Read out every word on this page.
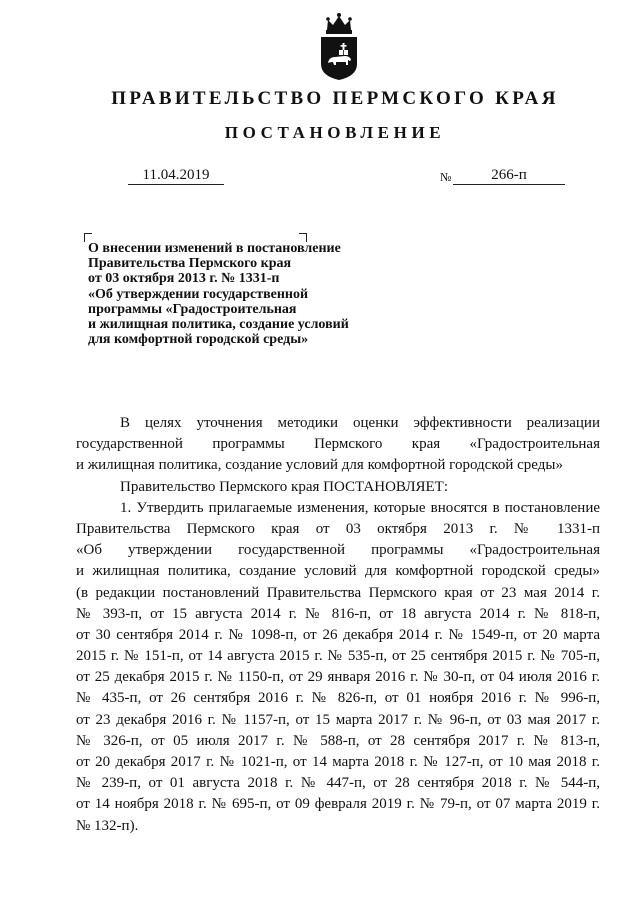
ПРАВИТЕЛЬСТВО ПЕРМСКОГО КРАЯ
ПОСТАНОВЛЕНИЕ
11.04.2019	№	266-п
О внесении изменений в постановление
Правительства Пермского края
от 03 октября 2013 г. № 1331-п
«Об утверждении государственной
программы «Градостроительная
и жилищная политика, создание условий
для комфортной городской среды»
В целях уточнения методики оценки эффективности реализации
государственной программы Пермского края «Градостроительная
и жилищная политика, создание условий для комфортной городской среды»
Правительство Пермского края ПОСТАНОВЛЯЕТ:
1. Утвердить прилагаемые изменения, которые вносятся в постановление
Правительства Пермского края от 03 октября 2013 г. № 1331-п
«Об утверждении государственной программы «Градостроительная
и жилищная политика, создание условий для комфортной городской среды»
(в редакции постановлений Правительства Пермского края от 23 мая 2014 г.
№ 393-п, от 15 августа 2014 г. № 816-п, от 18 августа 2014 г. № 818-п,
от 30 сентября 2014 г. № 1098-п, от 26 декабря 2014 г. № 1549-п, от 20 марта
2015 г. № 151-п, от 14 августа 2015 г. № 535-п, от 25 сентября 2015 г. № 705-п,
от 25 декабря 2015 г. № 1150-п, от 29 января 2016 г. № 30-п, от 04 июля 2016 г.
№ 435-п, от 26 сентября 2016 г. № 826-п, от 01 ноября 2016 г. № 996-п,
от 23 декабря 2016 г. № 1157-п, от 15 марта 2017 г. № 96-п, от 03 мая 2017 г.
№ 326-п, от 05 июля 2017 г. № 588-п, от 28 сентября 2017 г. № 813-п,
от 20 декабря 2017 г. № 1021-п, от 14 марта 2018 г. № 127-п, от 10 мая 2018 г.
№ 239-п, от 01 августа 2018 г. № 447-п, от 28 сентября 2018 г. № 544-п,
от 14 ноября 2018 г. № 695-п, от 09 февраля 2019 г. № 79-п, от 07 марта 2019 г.
№ 132-п).
